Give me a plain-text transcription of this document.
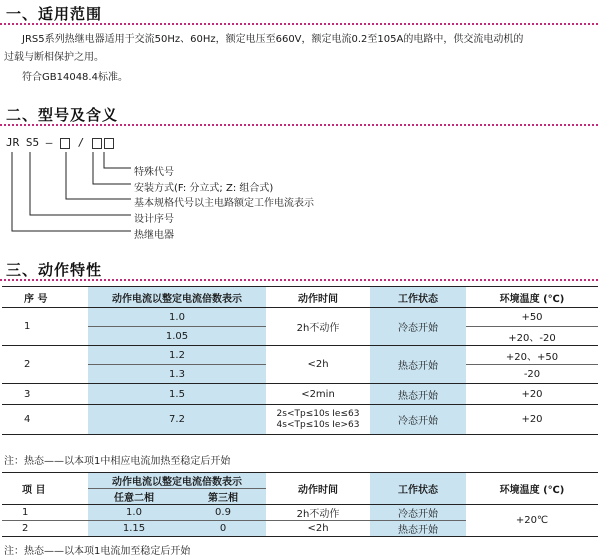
一、适用范围
JRS5系列热继电器适用于交流50Hz、60Hz，额定电压至660V，额定电流0.2至105A的电路中，供交流电动机的
过载与断相保护之用。
符合GB14048.4标准。
二、型号及含义
JR S5 — /
特殊代号
安装方式(F: 分立式; Z: 组合式)
基本规格代号以主电路额定工作电流表示
设计序号
热继电器
三、动作特性
序 号	动作电流以整定电流倍数表示	动作时间	工作状态	环境温度 (℃)
1	1.0	2h不动作	冷态开始	+50
	1.05			+20、-20
2	1.2	<2h	热态开始	+20、+50
	1.3			-20
3	1.5	<2min	热态开始	+20
4	7.2	2s<Tp≤10s Ie≤63
4s<Tp≤10s Ie>63	冷态开始	+20
注：热态——以本项1中相应电流加热至稳定后开始
项 目	动作电流以整定电流倍数表示		动作时间	工作状态	环境温度 (℃)
	任意二相	第三相			
1	1.0	0.9	2h不动作	冷态开始	+20℃
2	1.15	0	<2h	热态开始	
注：热态——以本项1电流加至稳定后开始
